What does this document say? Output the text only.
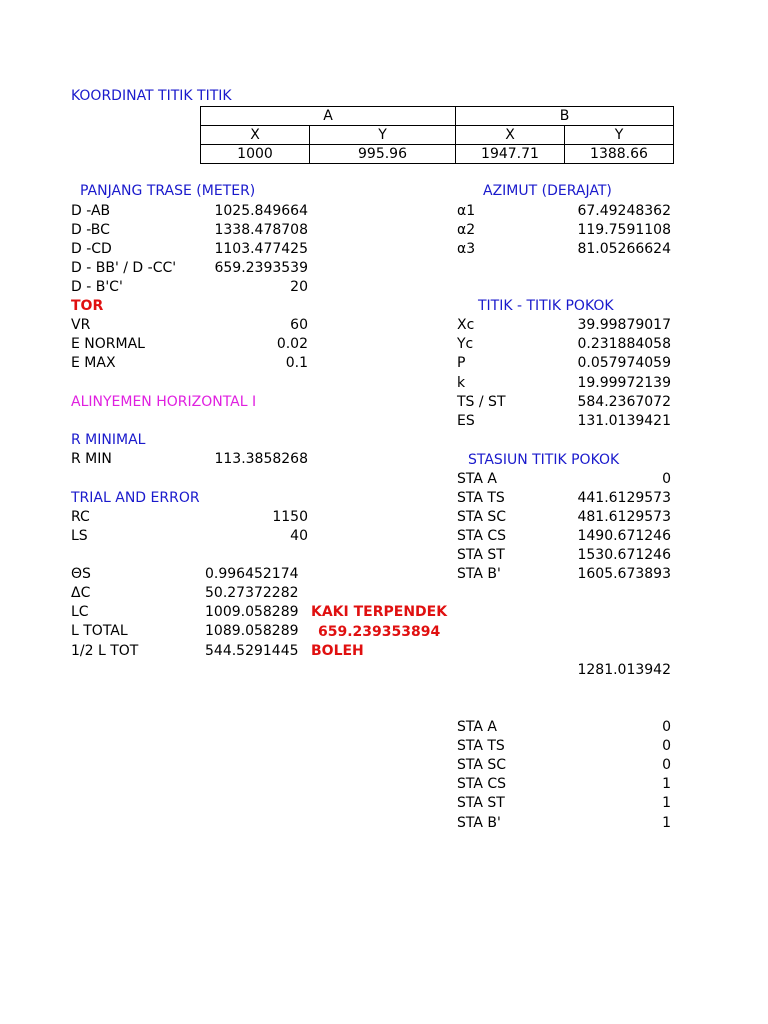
KOORDINAT TITIK TITIK
A		B	
X	Y	X	Y
1000	995.96	1947.71	1388.66
PANJANG TRASE (METER)
D -AB	1025.849664
D -BC	1338.478708
D -CD	1103.477425
D - BB' / D -CC'	659.2393539
D - B'C'	20
TOR
VR	60
E NORMAL	0.02
E MAX	0.1
ALINYEMEN HORIZONTAL I
R MINIMAL
R MIN	113.3858268
TRIAL AND ERROR
RC	1150
LS	40
ΘS	0.996452174
ΔC	50.27372282
LC	1009.058289
L TOTAL	1089.058289
1/2 L TOT	544.5291445
KAKI TERPENDEK
659.239353894
BOLEH
AZIMUT (DERAJAT)
α1	67.49248362
α2	119.7591108
α3	81.05266624
TITIK - TITIK POKOK
Xc	39.99879017
Yc	0.231884058
P	0.057974059
k	19.99972139
TS / ST	584.2367072
ES	131.0139421
STASIUN TITIK POKOK
STA A	0
STA TS	441.6129573
STA SC	481.6129573
STA CS	1490.671246
STA ST	1530.671246
STA B'	1605.673893
1281.013942
STA A	0
STA TS	0
STA SC	0
STA CS	1
STA ST	1
STA B'	1
